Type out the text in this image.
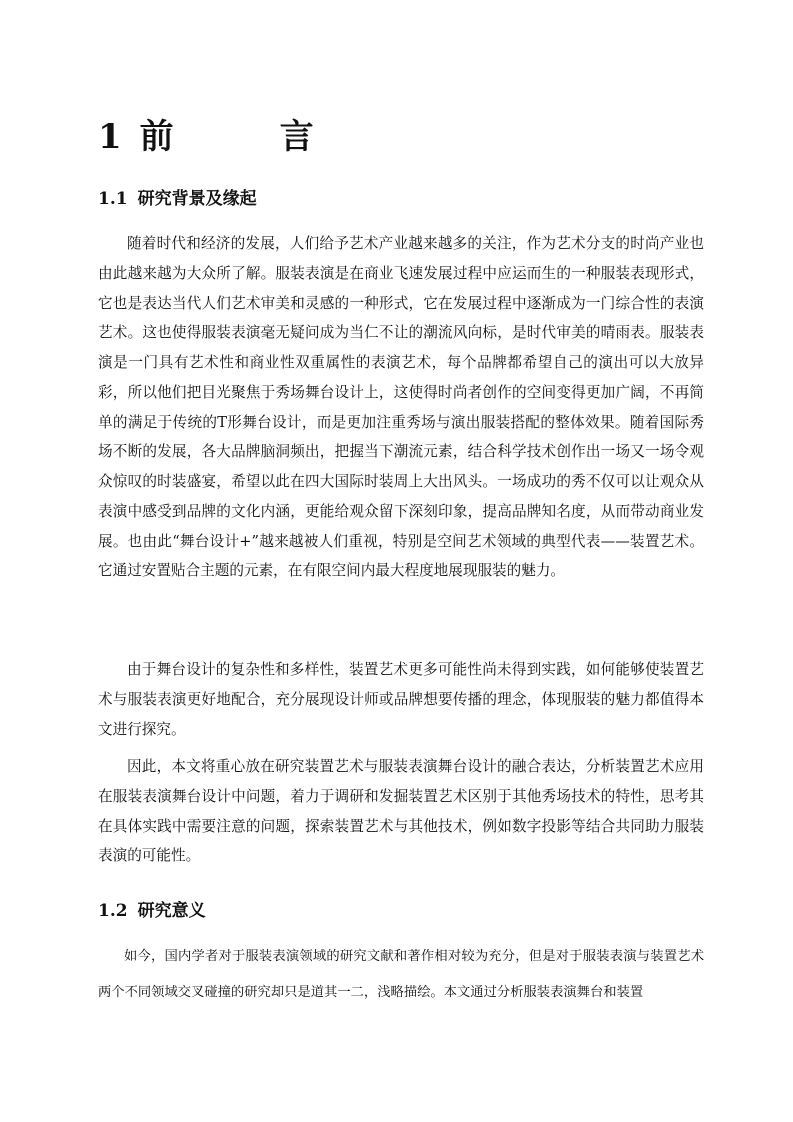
1 前　言
1.1 研究背景及缘起

随着时代和经济的发展，人们给予艺术产业越来越多的关注，作为艺术分支的时尚产业也由此越来越为大众所了解。服装表演是在商业飞速发展过程中应运而生的一种服装表现形式，它也是表达当代人们艺术审美和灵感的一种形式，它在发展过程中逐渐成为一门综合性的表演艺术。这也使得服装表演毫无疑问成为当仁不让的潮流风向标，是时代审美的晴雨表。服装表演是一门具有艺术性和商业性双重属性的表演艺术，每个品牌都希望自己的演出可以大放异彩，所以他们把目光聚焦于秀场舞台设计上，这使得时尚者创作的空间变得更加广阔，不再简单的满足于传统的T形舞台设计，而是更加注重秀场与演出服装搭配的整体效果。随着国际秀场不断的发展，各大品牌脑洞频出，把握当下潮流元素，结合科学技术创作出一场又一场令观众惊叹的时装盛宴，希望以此在四大国际时装周上大出风头。一场成功的秀不仅可以让观众从表演中感受到品牌的文化内涵，更能给观众留下深刻印象，提高品牌知名度，从而带动商业发展。也由此“舞台设计+”越来越被人们重视，特别是空间艺术领域的典型代表——装置艺术。它通过安置贴合主题的元素，在有限空间内最大程度地展现服装的魅力。

由于舞台设计的复杂性和多样性，装置艺术更多可能性尚未得到实践，如何能够使装置艺术与服装表演更好地配合，充分展现设计师或品牌想要传播的理念，体现服装的魅力都值得本文进行探究。

因此，本文将重心放在研究装置艺术与服装表演舞台设计的融合表达，分析装置艺术应用在服装表演舞台设计中问题，着力于调研和发掘装置艺术区别于其他秀场技术的特性，思考其在具体实践中需要注意的问题，探索装置艺术与其他技术，例如数字投影等结合共同助力服装表演的可能性。

1.2 研究意义

如今，国内学者对于服装表演领域的研究文献和著作相对较为充分，但是对于服装表演与装置艺术两个不同领域交叉碰撞的研究却只是道其一二，浅略描绘。本文通过分析服装表演舞台和装置
